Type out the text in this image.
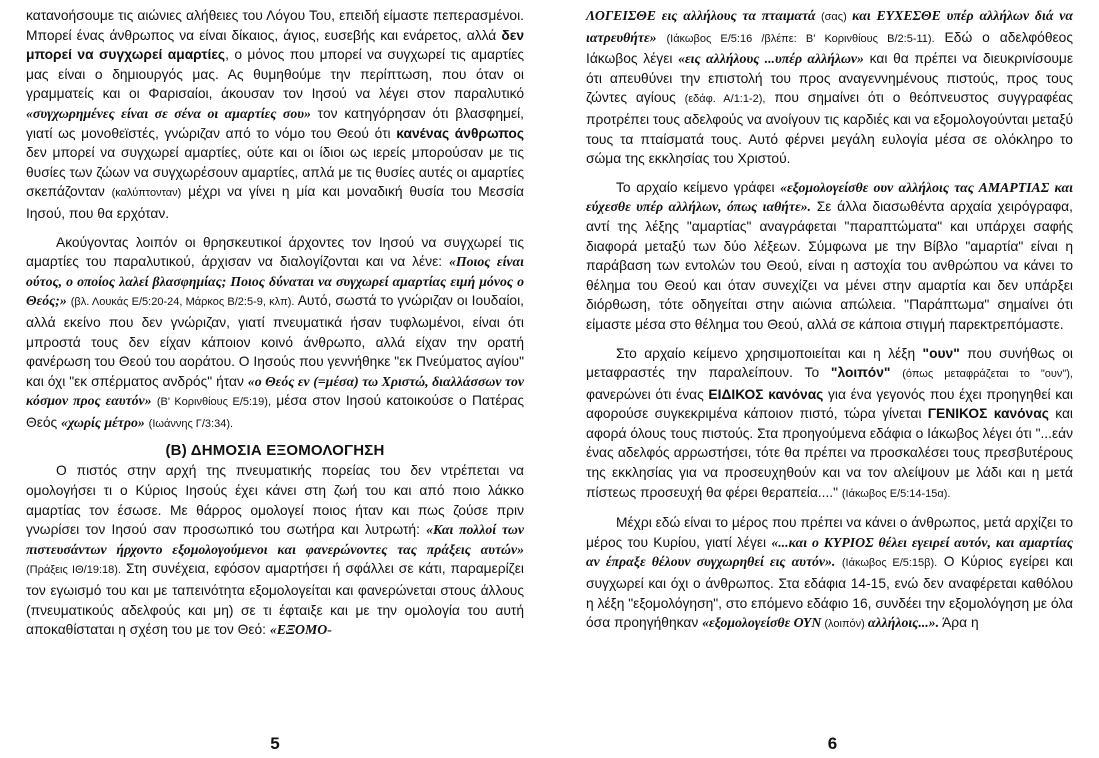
κατανοήσουμε τις αιώνιες αλήθειες του Λόγου Του, επειδή είμαστε πεπερασμένοι. Μπορεί ένας άνθρωπος να είναι δίκαιος, άγιος, ευσεβής και ενάρετος, αλλά δεν μπορεί να συγχωρεί αμαρτίες, ο μόνος που μπορεί να συγχωρεί τις αμαρτίες μας είναι ο δημιουργός μας. Ας θυμηθούμε την περίπτωση, που όταν οι γραμματείς και οι Φαρισαίοι, άκουσαν τον Ιησού να λέγει στον παραλυτικό «συγχωρημένες είναι σε σένα οι αμαρτίες σου» τον κατηγόρησαν ότι βλασφημεί, γιατί ως μονοθεϊστές, γνώριζαν από το νόμο του Θεού ότι κανένας άνθρωπος δεν μπορεί να συγχωρεί αμαρτίες, ούτε και οι ίδιοι ως ιερείς μπορούσαν με τις θυσίες των ζώων να συγχωρέσουν αμαρτίες, απλά με τις θυσίες αυτές οι αμαρτίες σκεπάζονταν (καλύπτονταν) μέχρι να γίνει η μία και μοναδική θυσία του Μεσσία Ιησού, που θα ερχόταν.

Ακούγοντας λοιπόν οι θρησκευτικοί άρχοντες τον Ιησού να συγχωρεί τις αμαρτίες του παραλυτικού, άρχισαν να διαλογίζονται και να λένε: «Ποιος είναι ούτος, ο οποίος λαλεί βλασφημίας; Ποιος δύναται να συγχωρεί αμαρτίας ειμή μόνος ο Θεός;» (βλ. Λουκάς Ε/5:20-24, Μάρκος Β/2:5-9, κλπ). Αυτό, σωστά το γνώριζαν οι Ιουδαίοι, αλλά εκείνο που δεν γνώριζαν, γιατί πνευματικά ήσαν τυφλωμένοι, είναι ότι μπροστά τους δεν είχαν κάποιον κοινό άνθρωπο, αλλά είχαν την ορατή φανέρωση του Θεού του αοράτου. Ο Ιησούς που γεννήθηκε "εκ Πνεύματος αγίου" και όχι "εκ σπέρματος ανδρός" ήταν «ο Θεός εν (=μέσα) τω Χριστώ, διαλλάσσων τον κόσμον προς εαυτόν» (Β' Κορινθίους Ε/5:19), μέσα στον Ιησού κατοικούσε ο Πατέρας Θεός «χωρίς μέτρο» (Ιωάννης Γ/3:34).

(Β) ΔΗΜΟΣΙΑ ΕΞΟΜΟΛΟΓΗΣΗ

Ο πιστός στην αρχή της πνευματικής πορείας του δεν ντρέπεται να ομολογήσει τι ο Κύριος Ιησούς έχει κάνει στη ζωή του και από ποιο λάκκο αμαρτίας τον έσωσε. Με θάρρος ομολογεί ποιος ήταν και πως ζούσε πριν γνωρίσει τον Ιησού σαν προσωπικό του σωτήρα και λυτρωτή: «Και πολλοί των πιστευσάντων ήρχοντο εξομολογούμενοι και φανερώνοντες τας πράξεις αυτών» (Πράξεις ΙΘ/19:18). Στη συνέχεια, εφόσον αμαρτήσει ή σφάλλει σε κάτι, παραμερίζει τον εγωισμό του και με ταπεινότητα εξομολογείται και φανερώνεται στους άλλους (πνευματικούς αδελφούς και μη) σε τι έφταιξε και με την ομολογία του αυτή αποκαθίσταται η σχέση του με τον Θεό: «ΕΞΟΜΟ-

5

ΛΟΓΕΙΣΘΕ εις αλλήλους τα πταιματά (σας) και ΕΥΧΕΣΘΕ υπέρ αλλήλων διά να ιατρευθήτε» (Ιάκωβος Ε/5:16 /βλέπε: Β' Κορινθίους Β/2:5-11). Εδώ ο αδελφόθεος Ιάκωβος λέγει «εις αλλήλους ...υπέρ αλλήλων» και θα πρέπει να διευκρινίσουμε ότι απευθύνει την επιστολή του προς αναγεννημένους πιστούς, προς τους ζώντες αγίους (εδάφ. Α/1:1-2), που σημαίνει ότι ο θεόπνευστος συγγραφέας προτρέπει τους αδελφούς να ανοίγουν τις καρδιές και να εξομολογούνται μεταξύ τους τα πταίσματά τους. Αυτό φέρνει μεγάλη ευλογία μέσα σε ολόκληρο το σώμα της εκκλησίας του Χριστού.

Το αρχαίο κείμενο γράφει «εξομολογείσθε ουν αλλήλοις τας ΑΜΑΡΤΙΑΣ και εύχεσθε υπέρ αλλήλων, όπως ιαθήτε». Σε άλλα διασωθέντα αρχαία χειρόγραφα, αντί της λέξης "αμαρτίας" αναγράφεται "παραπτώματα" και υπάρχει σαφής διαφορά μεταξύ των δύο λέξεων. Σύμφωνα με την Βίβλο "αμαρτία" είναι η παράβαση των εντολών του Θεού, είναι η αστοχία του ανθρώπου να κάνει το θέλημα του Θεού και όταν συνεχίζει να μένει στην αμαρτία και δεν υπάρξει διόρθωση, τότε οδηγείται στην αιώνια απώλεια. "Παράπτωμα" σημαίνει ότι είμαστε μέσα στο θέλημα του Θεού, αλλά σε κάποια στιγμή παρεκτρεπόμαστε.

Στο αρχαίο κείμενο χρησιμοποιείται και η λέξη "ουν" που συνήθως οι μεταφραστές την παραλείπουν. Το "λοιπόν" (όπως μεταφράζεται το "ουν"), φανερώνει ότι ένας ΕΙΔΙΚΟΣ κανόνας για ένα γεγονός που έχει προηγηθεί και αφορούσε συγκεκριμένα κάποιον πιστό, τώρα γίνεται ΓΕΝΙΚΟΣ κανόνας και αφορά όλους τους πιστούς. Στα προηγούμενα εδάφια ο Ιάκωβος λέγει ότι "...εάν ένας αδελφός αρρωστήσει, τότε θα πρέπει να προσκαλέσει τους πρεσβυτέρους της εκκλησίας για να προσευχηθούν και να τον αλείψουν με λάδι και η μετά πίστεως προσευχή θα φέρει θεραπεία...." (Ιάκωβος Ε/5:14-15α).

Μέχρι εδώ είναι το μέρος που πρέπει να κάνει ο άνθρωπος, μετά αρχίζει το μέρος του Κυρίου, γιατί λέγει «...και ο ΚΥΡΙΟΣ θέλει εγειρεί αυτόν, και αμαρτίας αν έπραξε θέλουν συγχωρηθεί εις αυτόν». (Ιάκωβος Ε/5:15β). Ο Κύριος εγείρει και συγχωρεί και όχι ο άνθρωπος. Στα εδάφια 14-15, ενώ δεν αναφέρεται καθόλου η λέξη "εξομολόγηση", στο επόμενο εδάφιο 16, συνδέει την εξομολόγηση με όλα όσα προηγήθηκαν «εξομολογείσθε ΟΥΝ (λοιπόν) αλλήλοις...». Άρα η

6
